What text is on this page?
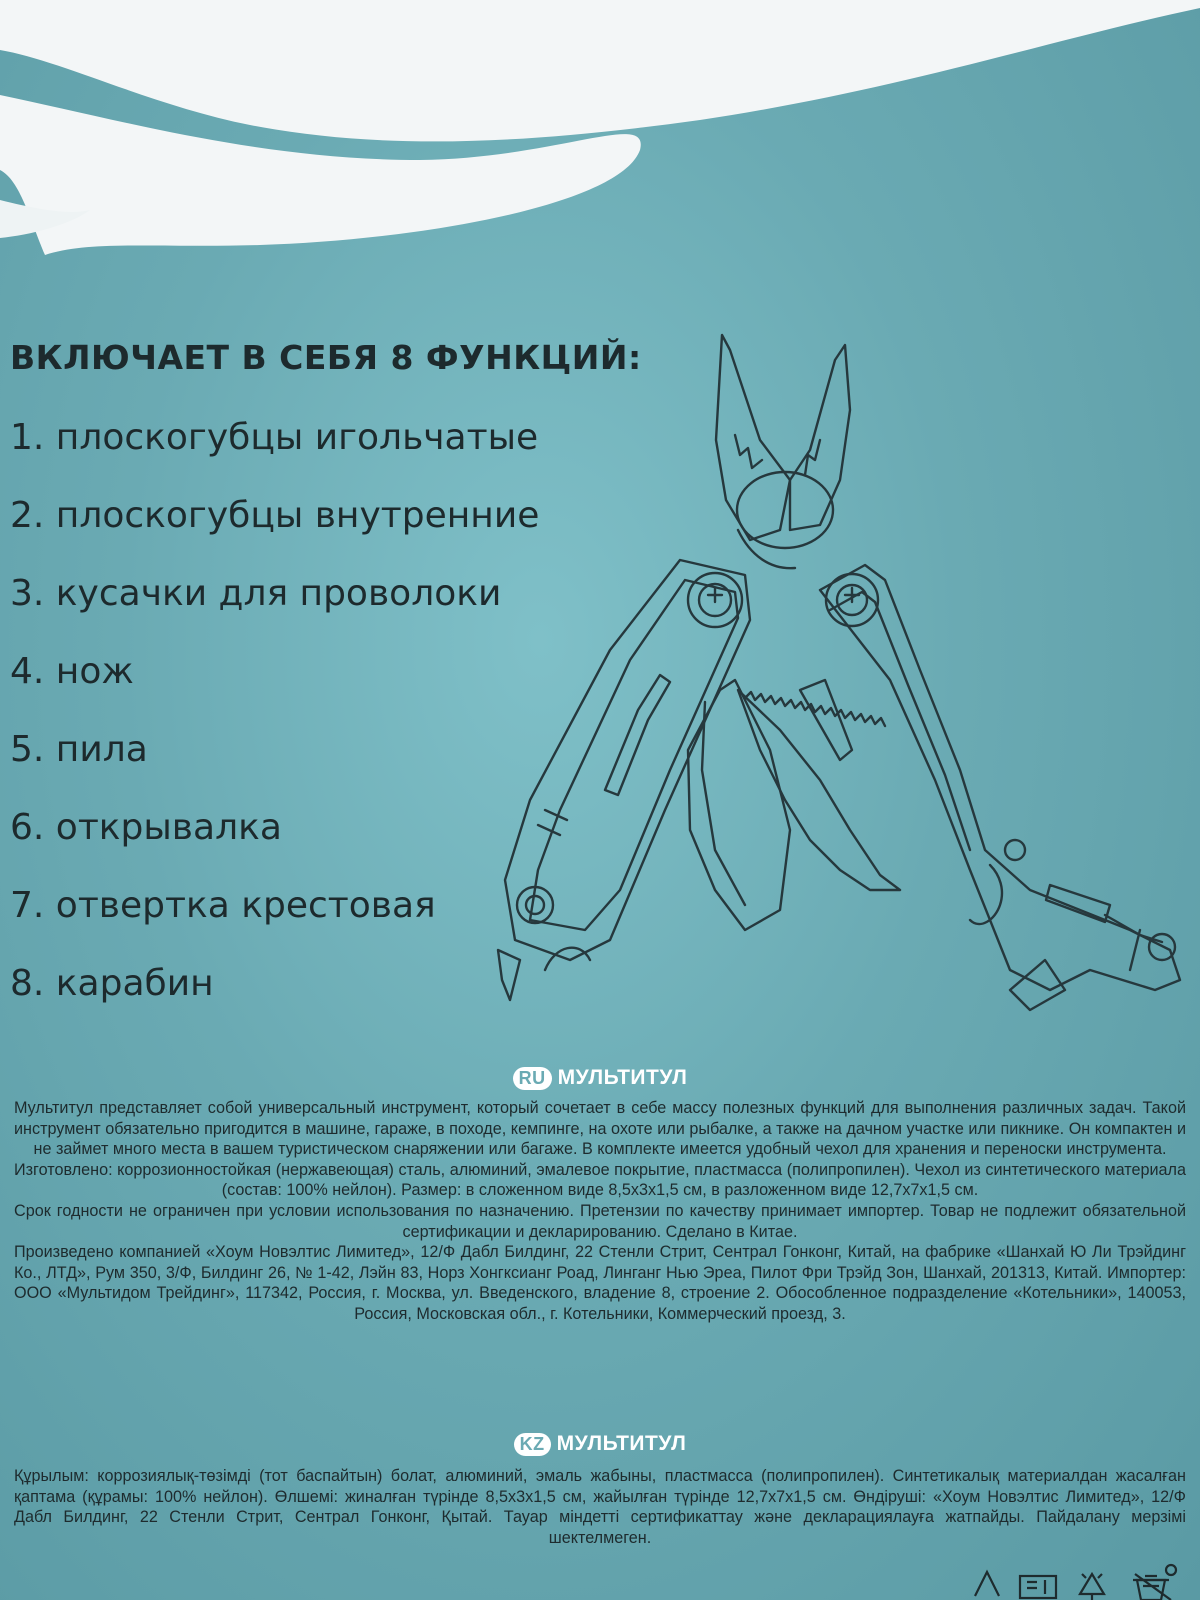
ВКЛЮЧАЕТ В СЕБЯ 8 ФУНКЦИЙ:
1. плоскогубцы игольчатые
2. плоскогубцы внутренние
3. кусачки для проволоки
4. нож
5. пила
6. открывалка
7. отвертка крестовая
8. карабин
RU МУЛЬТИТУЛ

Мультитул представляет собой универсальный инструмент, который сочетает в себе массу полезных функций для выполнения различных задач. Такой инструмент обязательно пригодится в машине, гараже, в походе, кемпинге, на охоте или рыбалке, а также на дачном участке или пикнике. Он компактен и не займет много места в вашем туристическом снаряжении или багаже. В комплекте имеется удобный чехол для хранения и переноски инструмента.

Изготовлено: коррозионностойкая (нержавеющая) сталь, алюминий, эмалевое покрытие, пластмасса (полипропилен). Чехол из синтетического материала (состав: 100% нейлон). Размер: в сложенном виде 8,5х3х1,5 см, в разложенном виде 12,7х7х1,5 см.

Срок годности не ограничен при условии использования по назначению. Претензии по качеству принимает импортер. Товар не подлежит обязательной сертификации и декларированию. Сделано в Китае.

Произведено компанией «Хоум Новэлтис Лимитед», 12/Ф Дабл Билдинг, 22 Стенли Стрит, Сентрал Гонконг, Китай, на фабрике «Шанхай Ю Ли Трэйдинг Ко., ЛТД», Рум 350, 3/Ф, Билдинг 26, № 1-42, Лэйн 83, Норз Хонгксианг Роад, Линганг Нью Эреа, Пилот Фри Трэйд Зон, Шанхай, 201313, Китай. Импортер: ООО «Мультидом Трейдинг», 117342, Россия, г. Москва, ул. Введенского, владение 8, строение 2. Обособленное подразделение «Котельники», 140053, Россия, Московская обл., г. Котельники, Коммерческий проезд, 3.

KZ МУЛЬТИТУЛ

Құрылым: коррозиялық-төзімді (тот баспайтын) болат, алюминий, эмаль жабыны, пластмасса (полипропилен). Синтетикалық материалдан жасалған қаптама (құрамы: 100% нейлон). Өлшемі: жиналған түрінде 8,5х3х1,5 см, жайылған түрінде 12,7х7х1,5 см. Өндіруші: «Хоум Новэлтис Лимитед», 12/Ф Дабл Билдинг, 22 Стенли Стрит, Сентрал Гонконг, Қытай. Тауар міндетті сертификаттау және декларациялауға жатпайды. Пайдалану мерзімі шектелмеген.
